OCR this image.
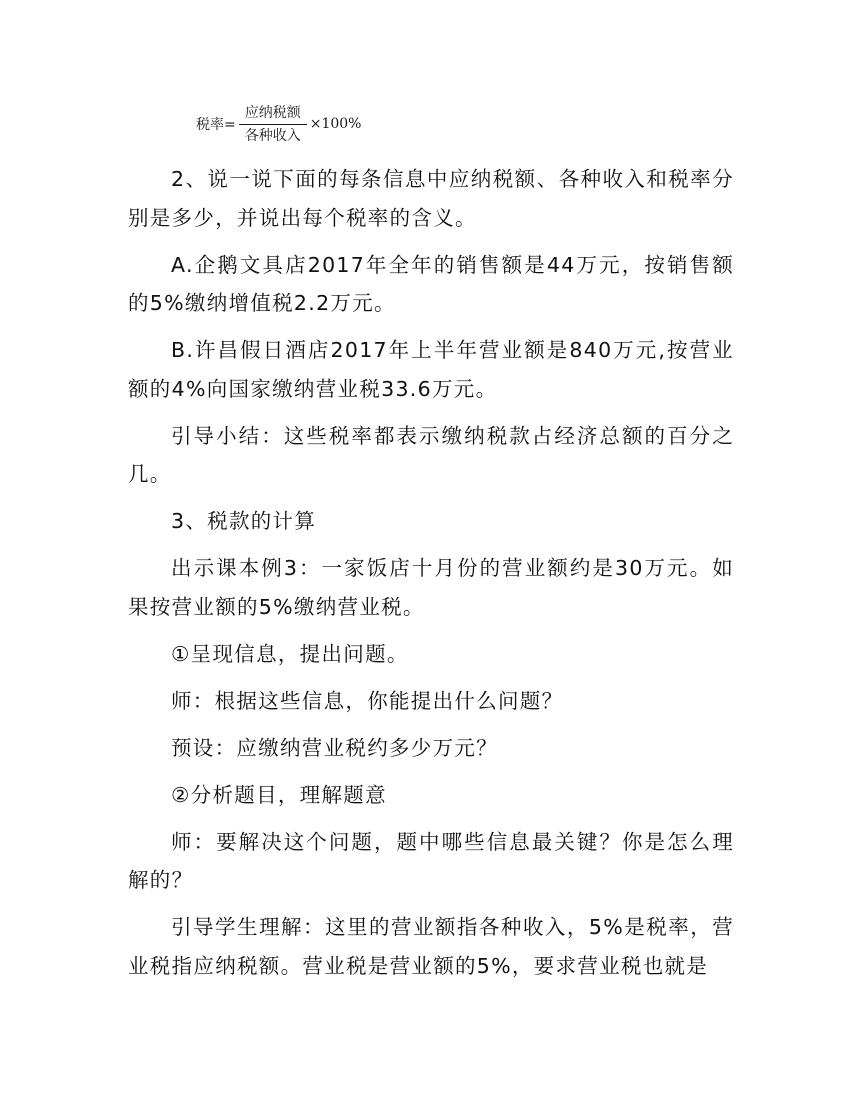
税率= $\frac{\text{应纳税额}}{\text{各种收入}} \times 100\%$

2、说一说下面的每条信息中应纳税额、各种收入和税率分别是多少，并说出每个税率的含义。

A.企鹅文具店2017年全年的销售额是44万元，按销售额的5%缴纳增值税2.2万元。

B.许昌假日酒店2017年上半年营业额是840万元,按营业额的4%向国家缴纳营业税33.6万元。

引导小结：这些税率都表示缴纳税款占经济总额的百分之几。

3、税款的计算

出示课本例3：一家饭店十月份的营业额约是30万元。如果按营业额的5%缴纳营业税。

①呈现信息，提出问题。

师：根据这些信息，你能提出什么问题？

预设：应缴纳营业税约多少万元？

②分析题目，理解题意

师：要解决这个问题，题中哪些信息最关键？你是怎么理解的？

引导学生理解：这里的营业额指各种收入，5%是税率，营业税指应纳税额。营业税是营业额的5%，要求营业税也就是
